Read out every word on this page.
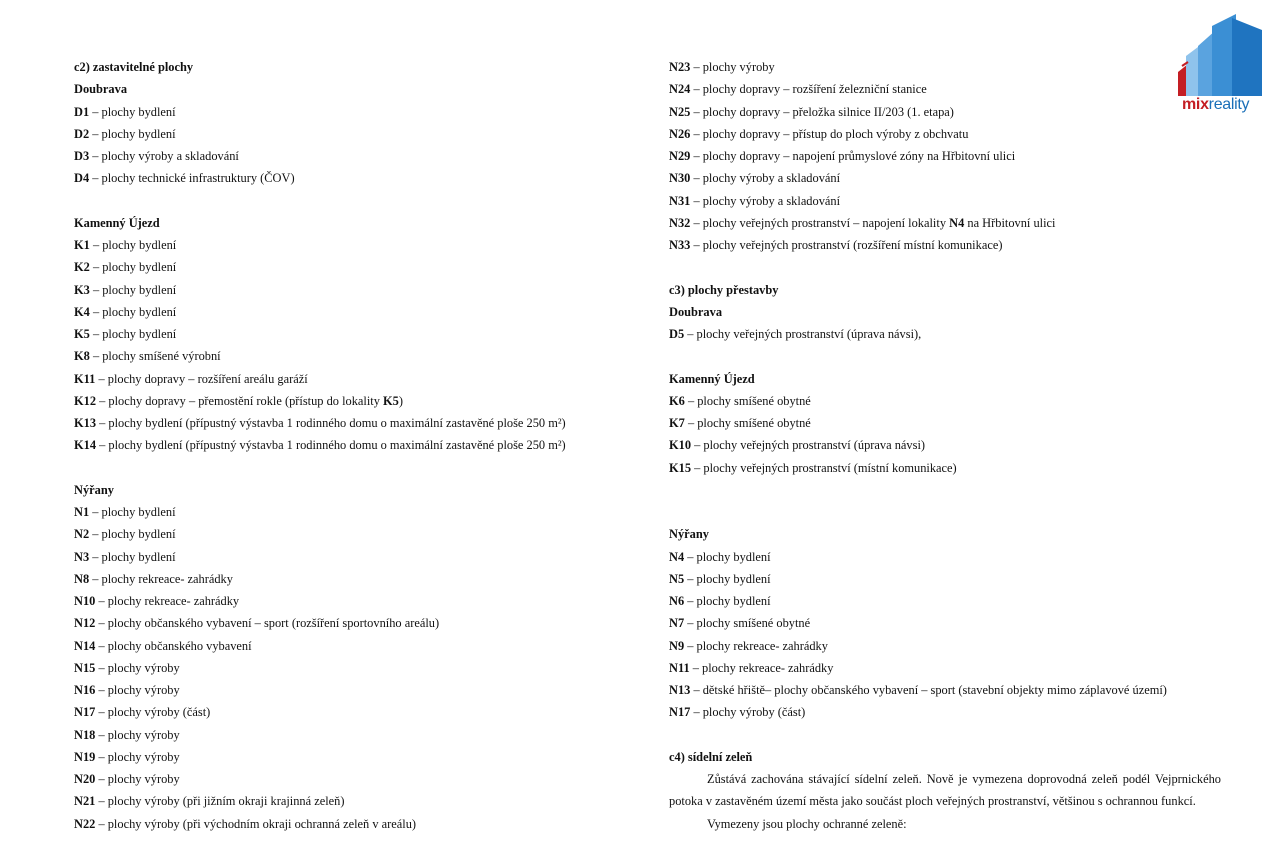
mixreality
c2) zastavitelné plochy
Doubrava
D1 – plochy bydlení
D2 – plochy bydlení
D3 – plochy výroby a skladování
D4 – plochy technické infrastruktury (ČOV)
Kamenný Újezd
K1 – plochy bydlení
K2 – plochy bydlení
K3 – plochy bydlení
K4 – plochy bydlení
K5 – plochy bydlení
K8 – plochy smíšené výrobní
K11 – plochy dopravy – rozšíření areálu garáží
K12 – plochy dopravy – přemostění rokle (přístup do lokality K5)
K13 – plochy bydlení (přípustný výstavba 1 rodinného domu o maximální zastavěné ploše 250 m²)
K14 – plochy bydlení (přípustný výstavba 1 rodinného domu o maximální zastavěné ploše 250 m²)
Nýřany
N1 – plochy bydlení
N2 – plochy bydlení
N3 – plochy bydlení
N8 – plochy rekreace- zahrádky
N10 – plochy rekreace- zahrádky
N12 – plochy občanského vybavení – sport (rozšíření sportovního areálu)
N14 – plochy občanského vybavení
N15 – plochy výroby
N16 – plochy výroby
N17 – plochy výroby (část)
N18 – plochy výroby
N19 – plochy výroby
N20 – plochy výroby
N21 – plochy výroby (při jižním okraji krajinná zeleň)
N22 – plochy výroby (při východním okraji ochranná zeleň v areálu)
N23 – plochy výroby
N24 – plochy dopravy – rozšíření železniční stanice
N25 – plochy dopravy – přeložka silnice II/203 (1. etapa)
N26 – plochy dopravy – přístup do ploch výroby z obchvatu
N29 – plochy dopravy – napojení průmyslové zóny na Hřbitovní ulici
N30 – plochy výroby a skladování
N31 – plochy výroby a skladování
N32 – plochy veřejných prostranství – napojení lokality N4 na Hřbitovní ulici
N33 – plochy veřejných prostranství (rozšíření místní komunikace)
c3) plochy přestavby
Doubrava
D5 – plochy veřejných prostranství (úprava návsi),
Kamenný Újezd
K6 – plochy smíšené obytné
K7 – plochy smíšené obytné
K10 – plochy veřejných prostranství (úprava návsi)
K15 – plochy veřejných prostranství (místní komunikace)
Nýřany
N4 – plochy bydlení
N5 – plochy bydlení
N6 – plochy bydlení
N7 – plochy smíšené obytné
N9 – plochy rekreace- zahrádky
N11 – plochy rekreace- zahrádky
N13 – dětské hřiště– plochy občanského vybavení – sport (stavební objekty mimo záplavové území)
N17 – plochy výroby (část)
c4) sídelní zeleň
Zůstává zachována stávající sídelní zeleň. Nově je vymezena doprovodná zeleň podél Vejprnického potoka v zastavěném území města jako součást ploch veřejných prostranství, většinou s ochrannou funkcí.
Vymezeny jsou plochy ochranné zeleně:
